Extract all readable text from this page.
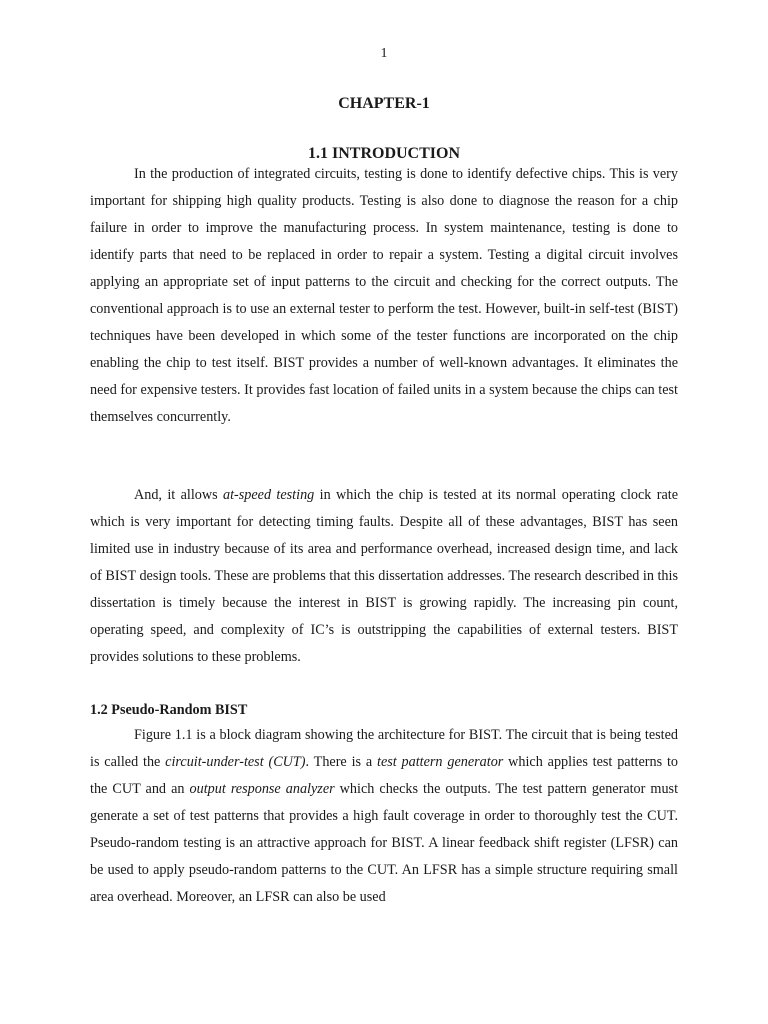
1
CHAPTER-1
1.1 INTRODUCTION

In the production of integrated circuits, testing is done to identify defective chips. This is very important for shipping high quality products. Testing is also done to diagnose the reason for a chip failure in order to improve the manufacturing process. In system maintenance, testing is done to identify parts that need to be replaced in order to repair a system. Testing a digital circuit involves applying an appropriate set of input patterns to the circuit and checking for the correct outputs. The conventional approach is to use an external tester to perform the test. However, built-in self-test (BIST) techniques have been developed in which some of the tester functions are incorporated on the chip enabling the chip to test itself. BIST provides a number of well-known advantages. It eliminates the need for expensive testers. It provides fast location of failed units in a system because the chips can test themselves concurrently.

And, it allows at-speed testing in which the chip is tested at its normal operating clock rate which is very important for detecting timing faults. Despite all of these advantages, BIST has seen limited use in industry because of its area and performance overhead, increased design time, and lack of BIST design tools. These are problems that this dissertation addresses. The research described in this dissertation is timely because the interest in BIST is growing rapidly. The increasing pin count, operating speed, and complexity of IC’s is outstripping the capabilities of external testers. BIST provides solutions to these problems.

1.2 Pseudo-Random BIST

Figure 1.1 is a block diagram showing the architecture for BIST. The circuit that is being tested is called the circuit-under-test (CUT). There is a test pattern generator which applies test patterns to the CUT and an output response analyzer which checks the outputs. The test pattern generator must generate a set of test patterns that provides a high fault coverage in order to thoroughly test the CUT. Pseudo-random testing is an attractive approach for BIST. A linear feedback shift register (LFSR) can be used to apply pseudo-random patterns to the CUT. An LFSR has a simple structure requiring small area overhead. Moreover, an LFSR can also be used
